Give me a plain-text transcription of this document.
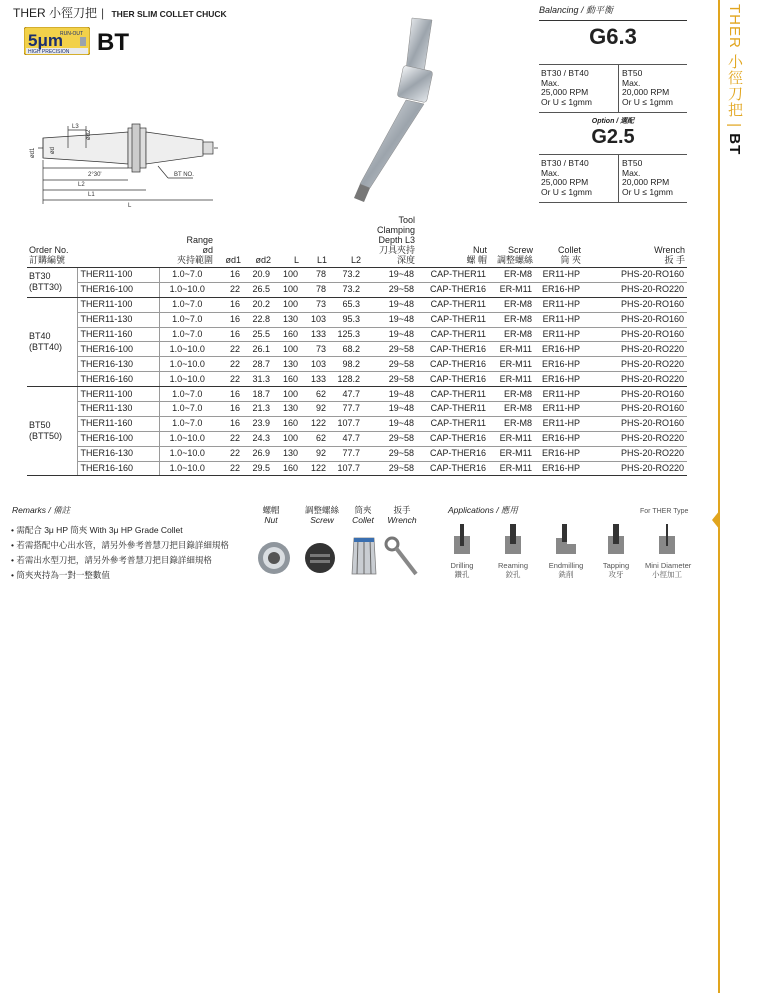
THER 小徑刀把 | THER SLIM COLLET CHUCK
5μm
RUN-OUT
HIGH PRECISION BT
L3
ød2
ød
ød1
2°30'
L2
L1
L
BT NO.
Balancing / 動平衡
G6.3
BT30 / BT40
Max.
25,000 RPM
Or U ≤ 1gmm
BT50
Max.
20,000 RPM
Or U ≤ 1gmm
Option / 選配
G2.5
BT30 / BT40
Max.
25,000 RPM
Or U ≤ 1gmm
BT50
Max.
20,000 RPM
Or U ≤ 1gmm
THER 小徑刀把 | BT
Order No.
訂購編號		Range
ød
夾持範圍	ød1	ød2	L	L1	L2	Tool
Clamping
Depth L3
刀具夾持
深度	Nut
螺 帽	Screw
調整螺絲	Collet
筒 夾	Wrench
扳 手
BT30
(BTT30)	THER11-100	1.0~7.0	16	20.9	100	78	73.2	19~48	CAP-THER11	ER-M8	ER11-HP	PHS-20-RO160
	THER16-100	1.0~10.0	22	26.5	100	78	73.2	29~58	CAP-THER16	ER-M11	ER16-HP	PHS-20-RO220
BT40
(BTT40)	THER11-100	1.0~7.0	16	20.2	100	73	65.3	19~48	CAP-THER11	ER-M8	ER11-HP	PHS-20-RO160
	THER11-130	1.0~7.0	16	22.8	130	103	95.3	19~48	CAP-THER11	ER-M8	ER11-HP	PHS-20-RO160
	THER11-160	1.0~7.0	16	25.5	160	133	125.3	19~48	CAP-THER11	ER-M8	ER11-HP	PHS-20-RO160
	THER16-100	1.0~10.0	22	26.1	100	73	68.2	29~58	CAP-THER16	ER-M11	ER16-HP	PHS-20-RO220
	THER16-130	1.0~10.0	22	28.7	130	103	98.2	29~58	CAP-THER16	ER-M11	ER16-HP	PHS-20-RO220
	THER16-160	1.0~10.0	22	31.3	160	133	128.2	29~58	CAP-THER16	ER-M11	ER16-HP	PHS-20-RO220
BT50
(BTT50)	THER11-100	1.0~7.0	16	18.7	100	62	47.7	19~48	CAP-THER11	ER-M8	ER11-HP	PHS-20-RO160
	THER11-130	1.0~7.0	16	21.3	130	92	77.7	19~48	CAP-THER11	ER-M8	ER11-HP	PHS-20-RO160
	THER11-160	1.0~7.0	16	23.9	160	122	107.7	19~48	CAP-THER11	ER-M8	ER11-HP	PHS-20-RO160
	THER16-100	1.0~10.0	22	24.3	100	62	47.7	29~58	CAP-THER16	ER-M11	ER16-HP	PHS-20-RO220
	THER16-130	1.0~10.0	22	26.9	130	92	77.7	29~58	CAP-THER16	ER-M11	ER16-HP	PHS-20-RO220
	THER16-160	1.0~10.0	22	29.5	160	122	107.7	29~58	CAP-THER16	ER-M11	ER16-HP	PHS-20-RO220
Remarks / 備註
• 需配合 3μ HP 筒夾 With 3μ HP Grade Collet
• 若需搭配中心出水管，請另外參考普慧刀把目錄詳細規格
• 若需出水型刀把，請另外參考普慧刀把目錄詳細規格
• 筒夾夾持為一對一整數值
螺帽
Nut
調整螺絲
Screw
筒夾
Collet
扳手
Wrench
Applications / 應用	For THER Type
Drilling
鑽孔
Reaming
鉸孔
Endmilling
銑削
Tapping
攻牙
Mini Diameter
小徑加工
